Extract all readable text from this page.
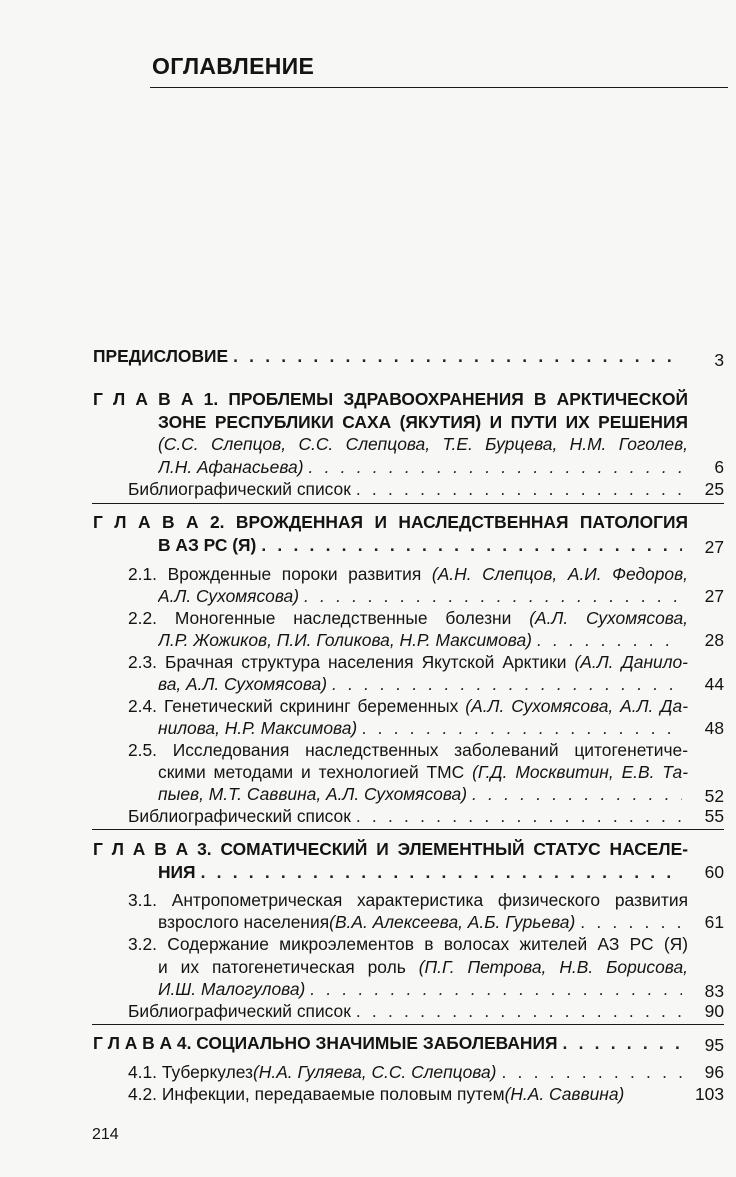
ОГЛАВЛЕНИЕ
ПРЕДИСЛОВИЕ . . .	3
Г Л А В А 1. ПРОБЛЕМЫ ЗДРАВООХРАНЕНИЯ В АРКТИЧЕСКОЙ
ЗОНЕ РЕСПУБЛИКИ САХА (ЯКУТИЯ) И ПУТИ ИХ РЕШЕНИЯ
(С.С. Слепцов, С.С. Слепцова, Т.Е. Бурцева, Н.М. Гоголев,
Л.Н. Афанасьева) . . .	6
Библиографический список . . .	25
Г Л А В А 2. ВРОЖДЕННАЯ И НАСЛЕДСТВЕННАЯ ПАТОЛОГИЯ
В АЗ РС (Я) . . .	27
2.1. Врожденные пороки развития (А.Н. Слепцов, А.И. Федоров,
А.Л. Сухомясова) . . .	27
2.2. Моногенные наследственные болезни (А.Л. Сухомясова,
Л.Р. Жожиков, П.И. Голикова, Н.Р. Максимова) . . .	28
2.3. Брачная структура населения Якутской Арктики (А.Л. Данило-
ва, А.Л. Сухомясова) . . .	44
2.4. Генетический скрининг беременных (А.Л. Сухомясова, А.Л. Да-
нилова, Н.Р. Максимова) . . .	48
2.5. Исследования наследственных заболеваний цитогенетиче-
скими методами и технологией ТМС (Г.Д. Москвитин, Е.В. Та-
пыев, М.Т. Саввина, А.Л. Сухомясова) . . .	52
Библиографический список . . .	55
Г Л А В А 3. СОМАТИЧЕСКИЙ И ЭЛЕМЕНТНЫЙ СТАТУС НАСЕЛЕ-
НИЯ . . .	60
3.1. Антропометрическая характеристика физического развития
взрослого населения (В.А. Алексеева, А.Б. Гурьева) . . .	61
3.2. Содержание микроэлементов в волосах жителей АЗ РС (Я)
и их патогенетическая роль (П.Г. Петрова, Н.В. Борисова,
И.Ш. Малогулова) . . .	83
Библиографический список . . .	90
Г Л А В А 4. СОЦИАЛЬНО ЗНАЧИМЫЕ ЗАБОЛЕВАНИЯ . . .	95
4.1. Туберкулез (Н.А. Гуляева, С.С. Слепцова) . . .	96
4.2. Инфекции, передаваемые половым путем (Н.А. Саввина)	103
214
